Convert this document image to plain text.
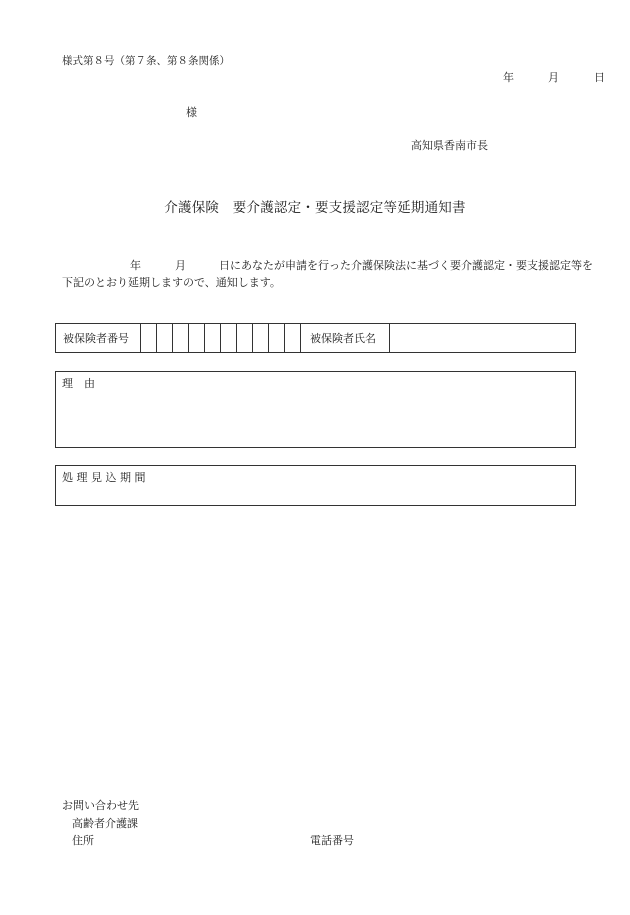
様式第８号（第７条、第８条関係）
年	月	日
様
高知県香南市長
介護保険　要介護認定・要支援認定等延期通知書
年	月	日にあなたが申請を行った介護保険法に基づく要介護認定・要支援認定等を
下記のとおり延期しますので、通知します。
被保険者番号	被保険者氏名
理　由
処 理 見 込 期 間
お問い合わせ先
高齢者介護課
住所	電話番号
